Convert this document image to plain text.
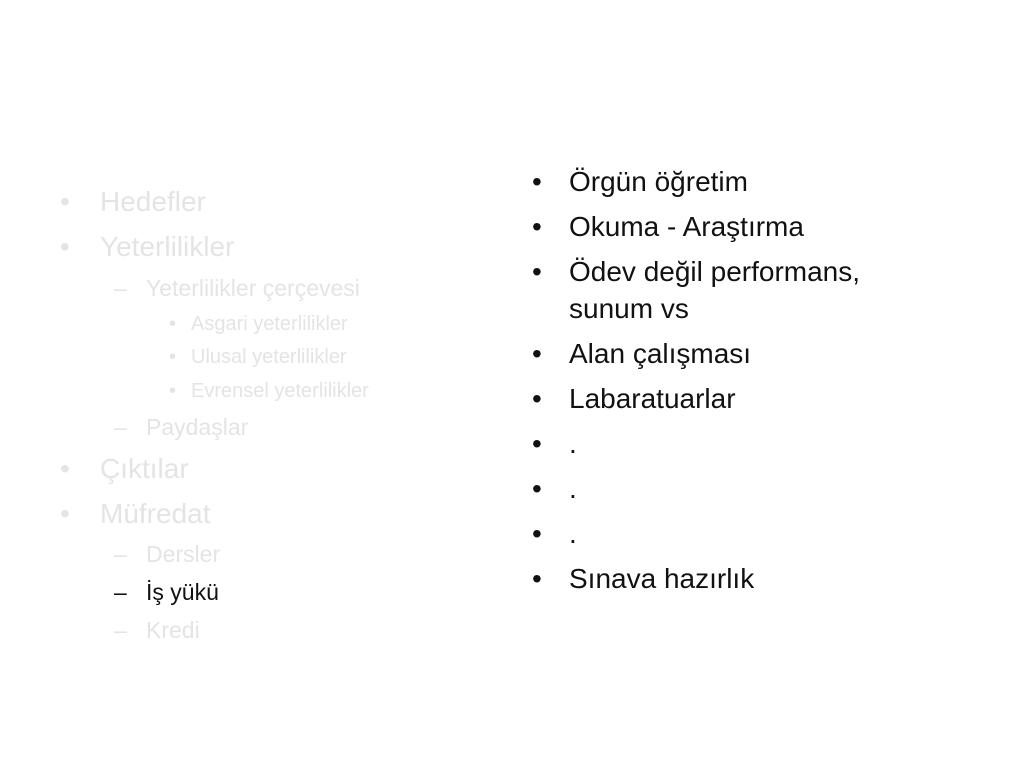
• Hedefler
• Yeterlilikler
– Yeterlilikler çerçevesi
• Asgari yeterlilikler
• Ulusal yeterlilikler
• Evrensel yeterlilikler
– Paydaşlar
• Çıktılar
• Müfredat
– Dersler
– İş yükü
– Kredi
• Örgün öğretim
• Okuma - Araştırma
• Ödev değil performans, sunum vs
• Alan çalışması
• Labaratuarlar
• .
• .
• .
• Sınava hazırlık
